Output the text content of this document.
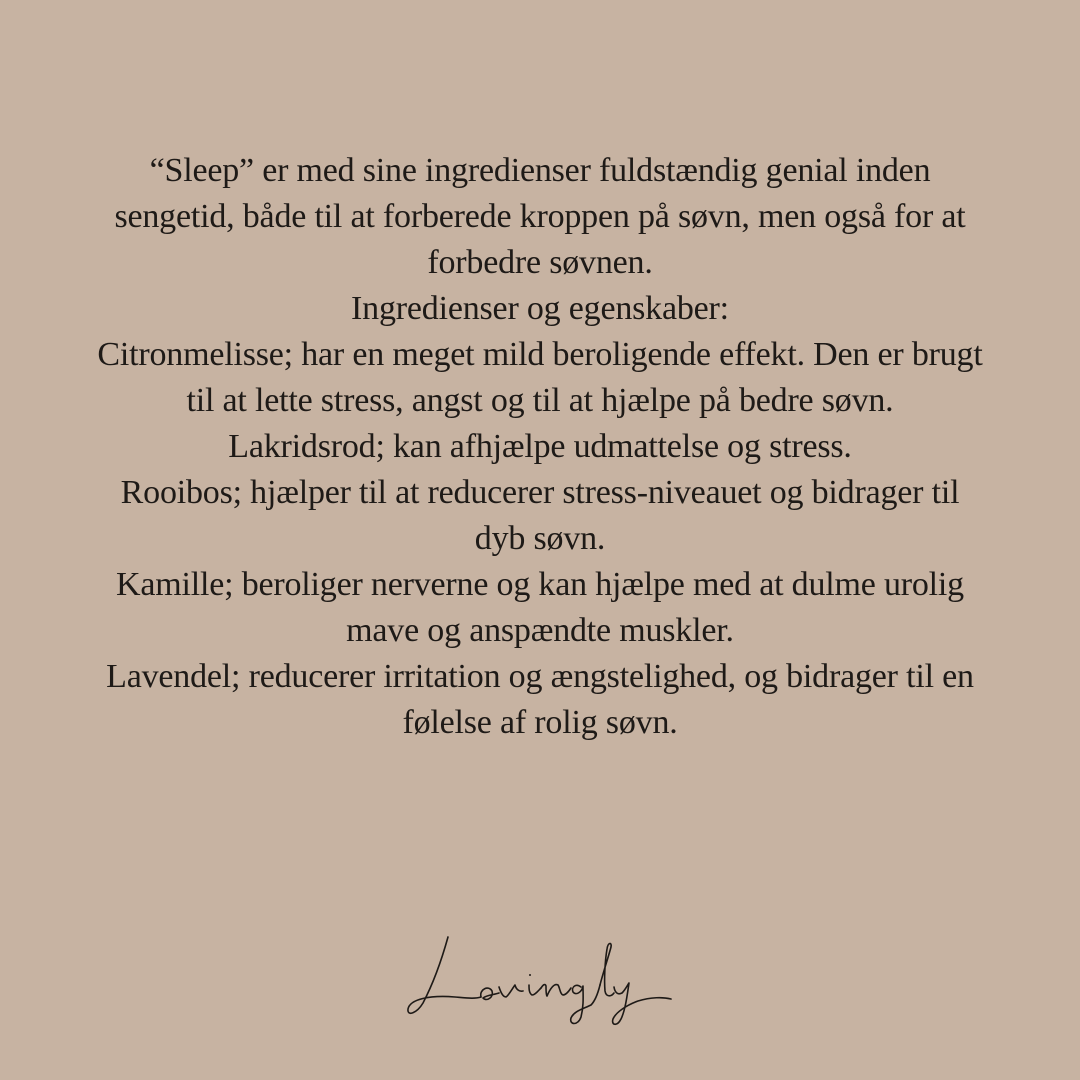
“Sleep” er med sine ingredienser fuldstændig genial inden
sengetid, både til at forberede kroppen på søvn, men også for at
forbedre søvnen.
Ingredienser og egenskaber:
Citronmelisse; har en meget mild beroligende effekt. Den er brugt
til at lette stress, angst og til at hjælpe på bedre søvn.
Lakridsrod; kan afhjælpe udmattelse og stress.
Rooibos; hjælper til at reducerer stress-niveauet og bidrager til
dyb søvn.
Kamille; beroliger nerverne og kan hjælpe med at dulme urolig
mave og anspændte muskler.
Lavendel; reducerer irritation og ængstelighed, og bidrager til en
følelse af rolig søvn.
